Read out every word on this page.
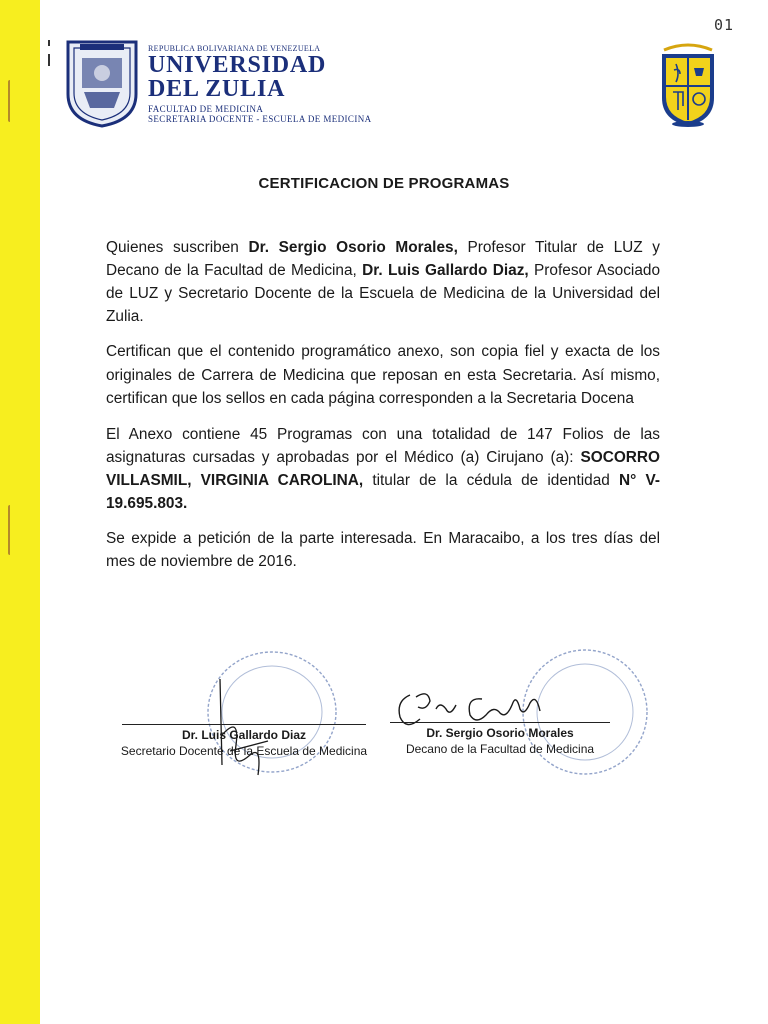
01
REPUBLICA BOLIVARIANA DE VENEZUELA
UNIVERSIDAD
DEL ZULIA
FACULTAD DE MEDICINA
SECRETARIA DOCENTE - ESCUELA DE MEDICINA
CERTIFICACION DE PROGRAMAS

Quienes suscriben Dr. Sergio Osorio Morales, Profesor Titular de LUZ y Decano de la Facultad de Medicina, Dr. Luis Gallardo Diaz, Profesor Asociado de LUZ y Secretario Docente de la Escuela de Medicina de la Universidad del Zulia.

Certifican que el contenido programático anexo, son copia fiel y exacta de los originales de Carrera de Medicina que reposan en esta Secretaria. Así mismo, certifican que los sellos en cada página corresponden a la Secretaria Docena

El Anexo contiene 45 Programas con una totalidad de 147 Folios de las asignaturas cursadas y aprobadas por el Médico (a) Cirujano (a): SOCORRO VILLASMIL, VIRGINIA CAROLINA, titular de la cédula de identidad N° V-19.695.803.

Se expide a petición de la parte interesada. En Maracaibo, a los tres días del mes de noviembre de 2016.

Dr. Luis Gallardo Diaz
Secretario Docente de la Escuela de Medicina
Dr. Sergio Osorio Morales
Decano de la Facultad de Medicina
